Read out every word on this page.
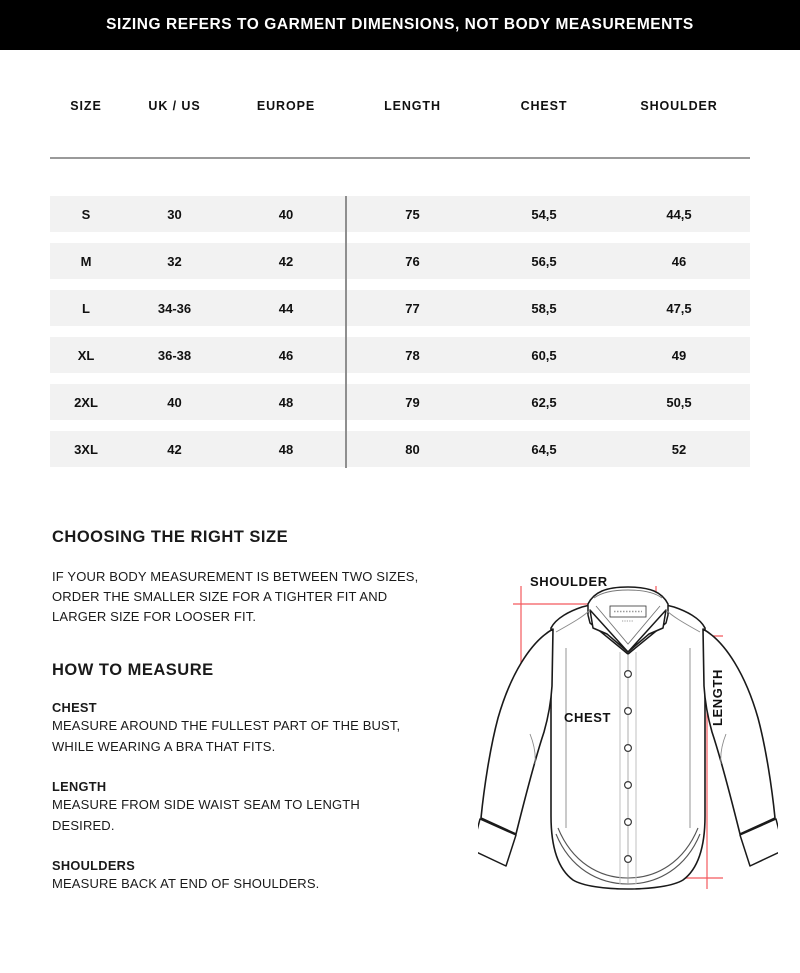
SIZING REFERS TO GARMENT DIMENSIONS, NOT BODY MEASUREMENTS
SIZE	UK / US	EUROPE	LENGTH	CHEST	SHOULDER
S	30	40	75	54,5	44,5
M	32	42	76	56,5	46
L	34-36	44	77	58,5	47,5
XL	36-38	46	78	60,5	49
2XL	40	48	79	62,5	50,5
3XL	42	48	80	64,5	52
CHOOSING THE RIGHT SIZE
IF YOUR BODY MEASUREMENT IS BETWEEN TWO SIZES,
ORDER THE SMALLER SIZE FOR A TIGHTER FIT AND
LARGER SIZE FOR LOOSER FIT.
HOW TO MEASURE
CHEST
MEASURE AROUND THE FULLEST PART OF THE BUST,
WHILE WEARING A BRA THAT FITS.
LENGTH
MEASURE FROM SIDE WAIST SEAM TO LENGTH
DESIRED.
SHOULDERS
MEASURE BACK AT END OF SHOULDERS.
SHOULDER
CHEST	LENGTH
